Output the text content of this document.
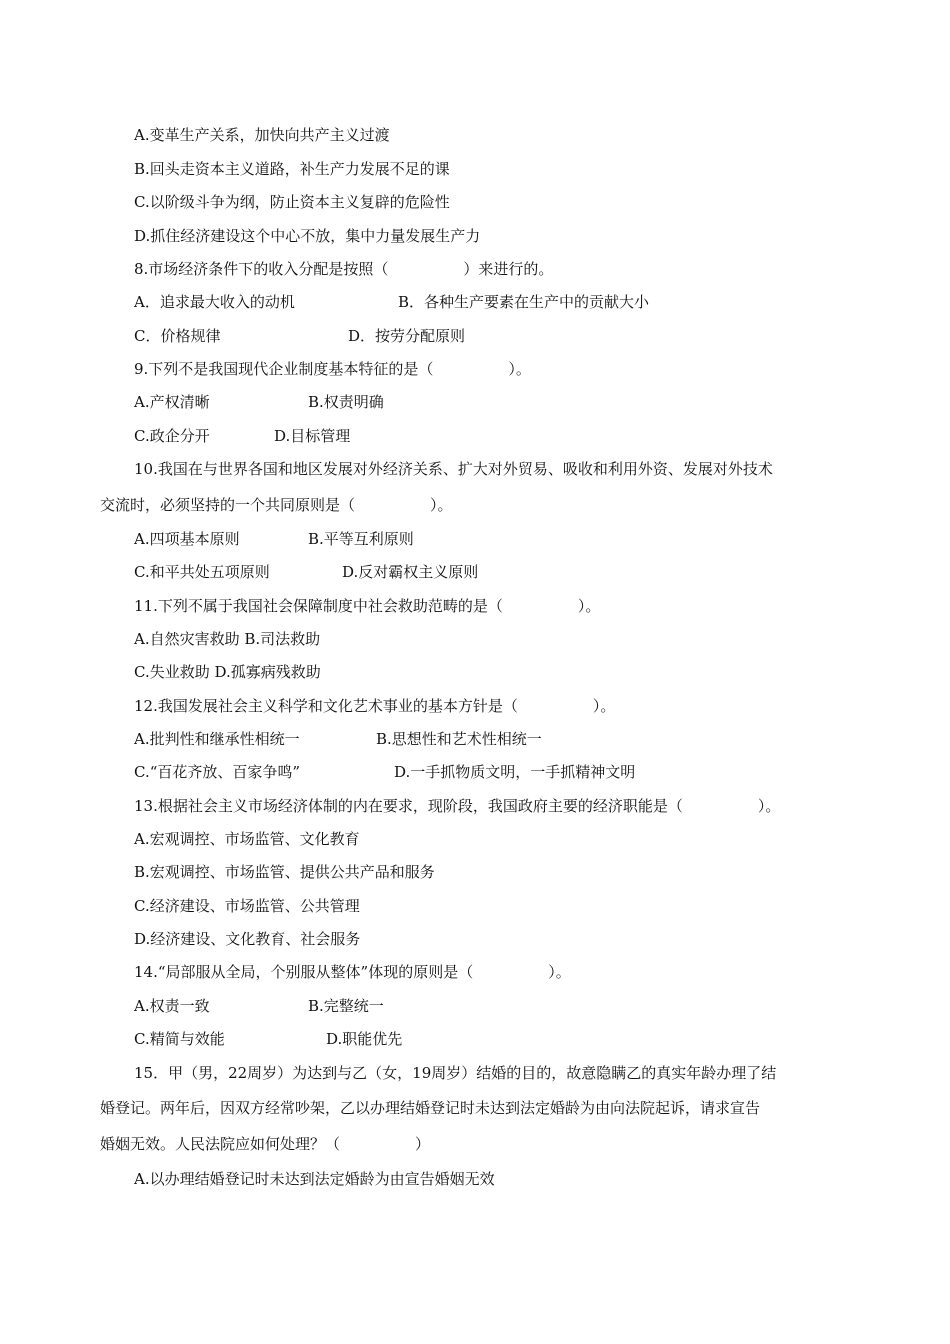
A.变革生产关系，加快向共产主义过渡
B.回头走资本主义道路，补生产力发展不足的课
C.以阶级斗争为纲，防止资本主义复辟的危险性
D.抓住经济建设这个中心不放，集中力量发展生产力
8.市场经济条件下的收入分配是按照（　　　　　）来进行的。
A．追求最大收入的动机	B．各种生产要素在生产中的贡献大小
C．价格规律	D．按劳分配原则
9.下列不是我国现代企业制度基本特征的是（　　　　　）。
A.产权清晰	B.权责明确
C.政企分开	D.目标管理
10.我国在与世界各国和地区发展对外经济关系、扩大对外贸易、吸收和利用外资、发展对外技术
交流时，必须坚持的一个共同原则是（　　　　　）。
A.四项基本原则	B.平等互利原则
C.和平共处五项原则	D.反对霸权主义原则
11.下列不属于我国社会保障制度中社会救助范畴的是（　　　　　）。
A.自然灾害救助 B.司法救助
C.失业救助 D.孤寡病残救助
12.我国发展社会主义科学和文化艺术事业的基本方针是（　　　　　）。
A.批判性和继承性相统一	B.思想性和艺术性相统一
C.“百花齐放、百家争鸣”	D.一手抓物质文明，一手抓精神文明
13.根据社会主义市场经济体制的内在要求，现阶段，我国政府主要的经济职能是（　　　　　）。
A.宏观调控、市场监管、文化教育
B.宏观调控、市场监管、提供公共产品和服务
C.经济建设、市场监管、公共管理
D.经济建设、文化教育、社会服务
14.“局部服从全局，个别服从整体”体现的原则是（　　　　　）。
A.权责一致	B.完整统一
C.精简与效能	D.职能优先
15．甲（男，22周岁）为达到与乙（女，19周岁）结婚的目的，故意隐瞒乙的真实年龄办理了结
婚登记。两年后，因双方经常吵架，乙以办理结婚登记时未达到法定婚龄为由向法院起诉，请求宣告
婚姻无效。人民法院应如何处理？（　　　　　）
A.以办理结婚登记时未达到法定婚龄为由宣告婚姻无效
